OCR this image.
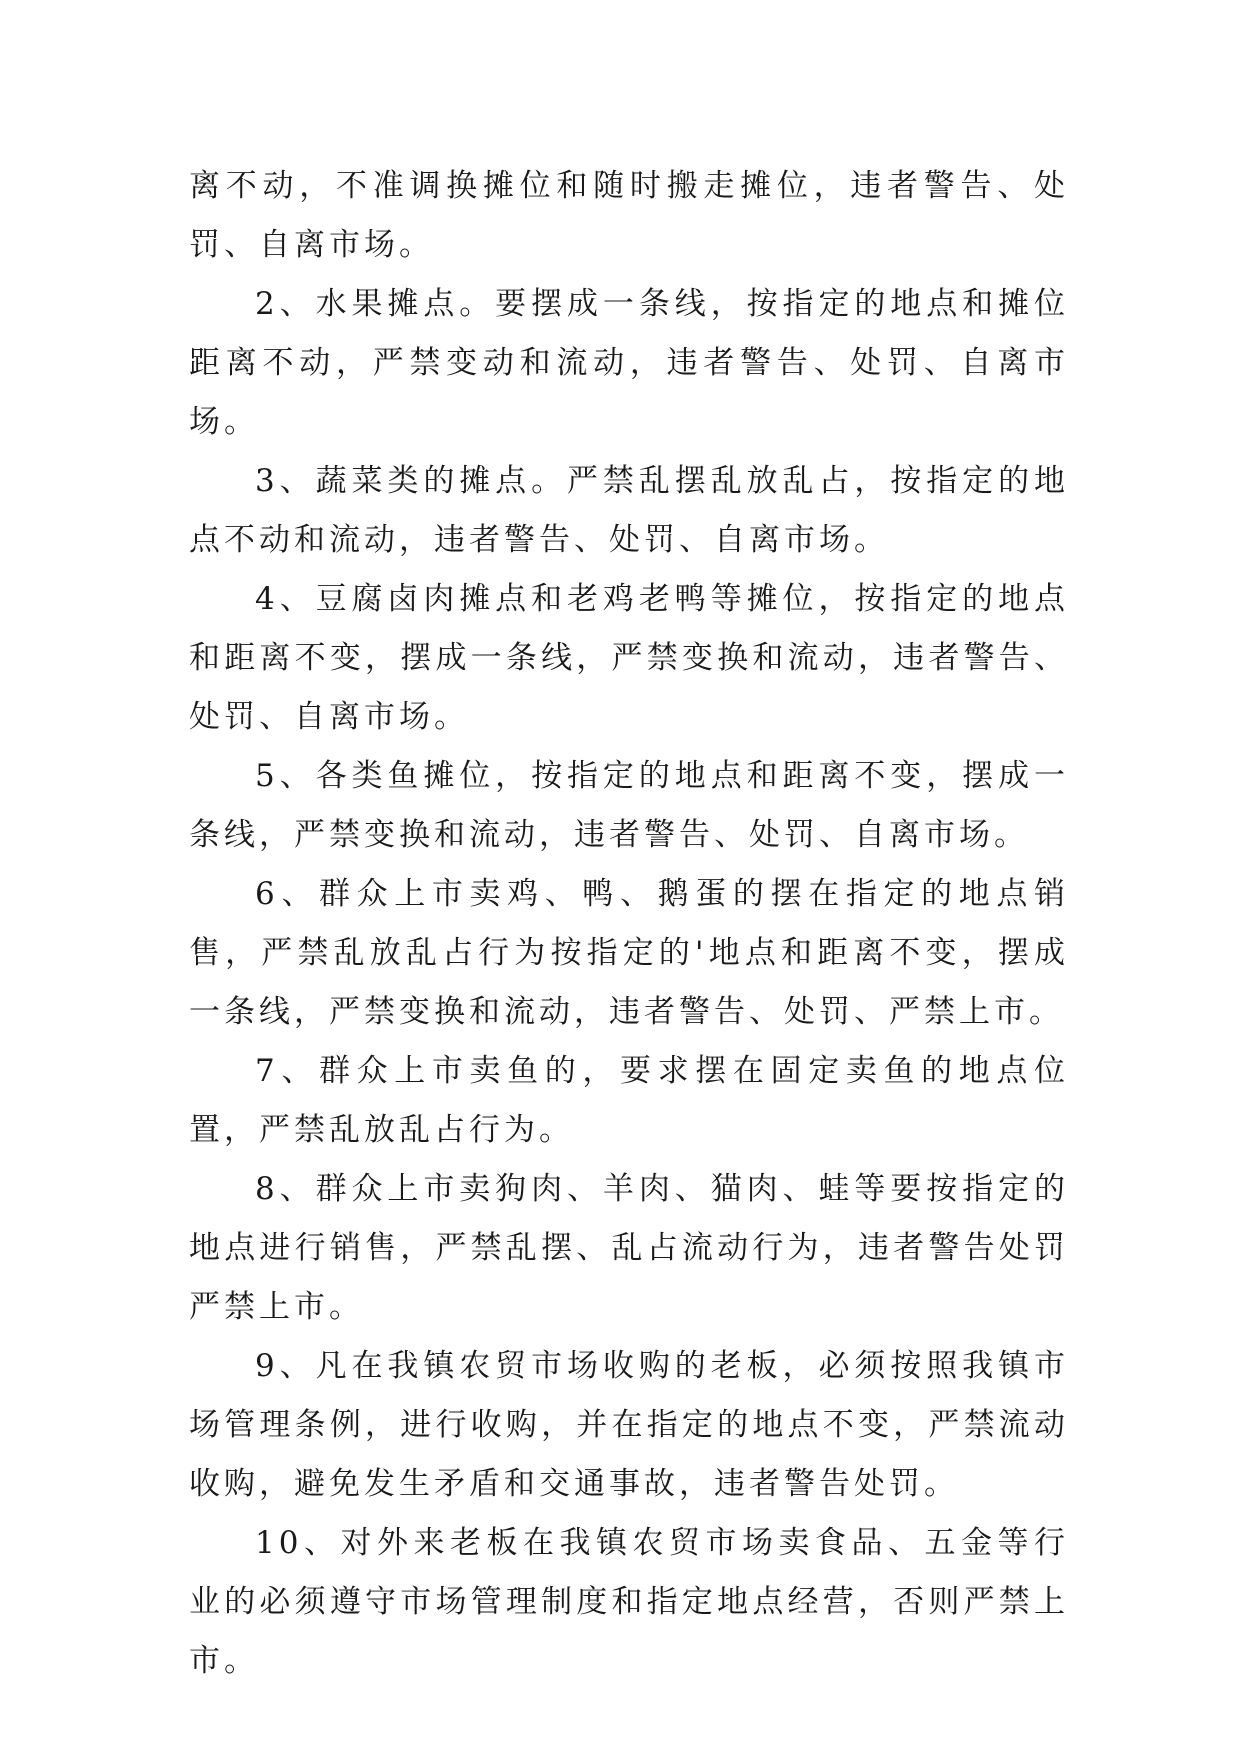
离不动，不准调换摊位和随时搬走摊位，违者警告、处罚、自离市场。

2、水果摊点。要摆成一条线，按指定的地点和摊位距离不动，严禁变动和流动，违者警告、处罚、自离市场。

3、蔬菜类的摊点。严禁乱摆乱放乱占，按指定的地点不动和流动，违者警告、处罚、自离市场。

4、豆腐卤肉摊点和老鸡老鸭等摊位，按指定的地点和距离不变，摆成一条线，严禁变换和流动，违者警告、处罚、自离市场。

5、各类鱼摊位，按指定的地点和距离不变，摆成一条线，严禁变换和流动，违者警告、处罚、自离市场。

6、群众上市卖鸡、鸭、鹅蛋的摆在指定的地点销售，严禁乱放乱占行为按指定的'地点和距离不变，摆成一条线，严禁变换和流动，违者警告、处罚、严禁上市。

7、群众上市卖鱼的，要求摆在固定卖鱼的地点位置，严禁乱放乱占行为。

8、群众上市卖狗肉、羊肉、猫肉、蛙等要按指定的地点进行销售，严禁乱摆、乱占流动行为，违者警告处罚严禁上市。

9、凡在我镇农贸市场收购的老板，必须按照我镇市场管理条例，进行收购，并在指定的地点不变，严禁流动收购，避免发生矛盾和交通事故，违者警告处罚。

10、对外来老板在我镇农贸市场卖食品、五金等行业的必须遵守市场管理制度和指定地点经营，否则严禁上市。
